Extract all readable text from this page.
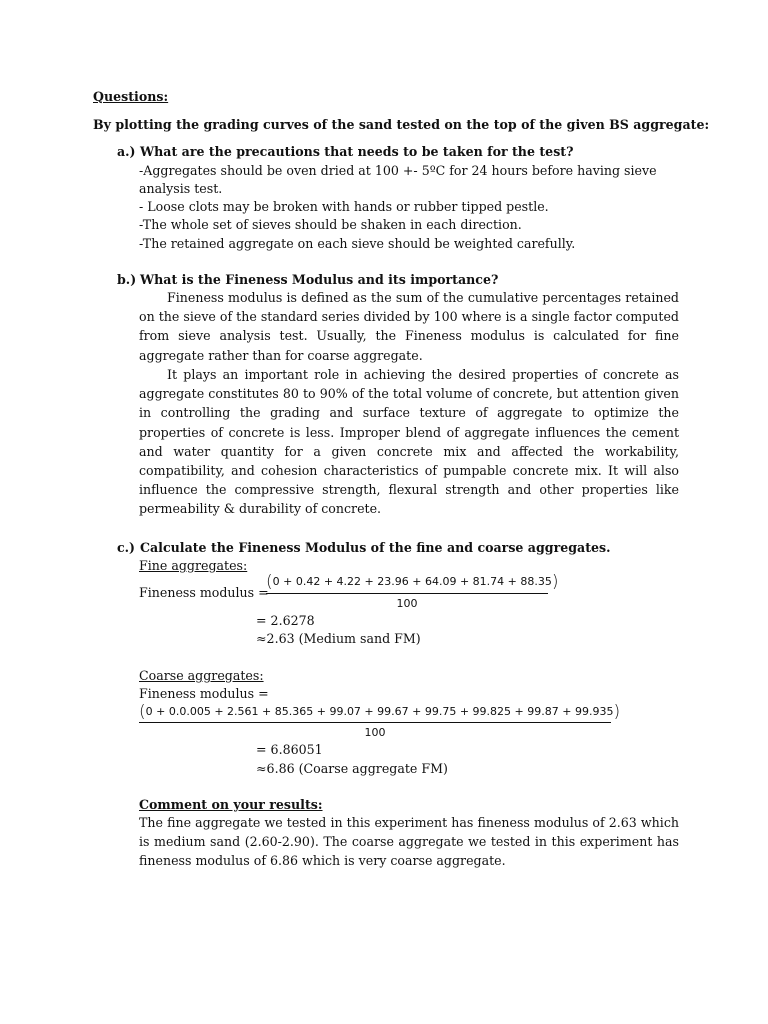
Questions:
By plotting the grading curves of the sand tested on the top of the given BS aggregate:
a.) What are the precautions that needs to be taken for the test?
-Aggregates should be oven dried at 100 +- 5ºC for 24 hours before having sieve
analysis test.
- Loose clots may be broken with hands or rubber tipped pestle.
-The whole set of sieves should be shaken in each direction.
-The retained aggregate on each sieve should be weighted carefully.
b.) What is the Fineness Modulus and its importance?
Fineness modulus is defined as the sum of the cumulative percentages retained on the sieve of the standard series divided by 100 where is a single factor computed from sieve analysis test. Usually, the Fineness modulus is calculated for fine aggregate rather than for coarse aggregate.
It plays an important role in achieving the desired properties of concrete as aggregate constitutes 80 to 90% of the total volume of concrete, but attention given in controlling the grading and surface texture of aggregate to optimize the properties of concrete is less. Improper blend of aggregate influences the cement and water quantity for a given concrete mix and affected the workability, compatibility, and cohesion characteristics of pumpable concrete mix. It will also influence the compressive strength, flexural strength and other properties like permeability & durability of concrete.
c.) Calculate the Fineness Modulus of the fine and coarse aggregates.
Fine aggregates:
Fineness modulus =
(0 + 0.42 + 4.22 + 23.96 + 64.09 + 81.74 + 88.35)
100
= 2.6278
≈2.63 (Medium sand FM)
Coarse aggregates:
Fineness modulus =
(0 + 0.0.005 + 2.561 + 85.365 + 99.07 + 99.67 + 99.75 + 99.825 + 99.87 + 99.935)
100
= 6.86051
≈6.86 (Coarse aggregate FM)
Comment on your results:
The fine aggregate we tested in this experiment has fineness modulus of 2.63 which is medium sand (2.60-2.90). The coarse aggregate we tested in this experiment has fineness modulus of 6.86 which is very coarse aggregate.
